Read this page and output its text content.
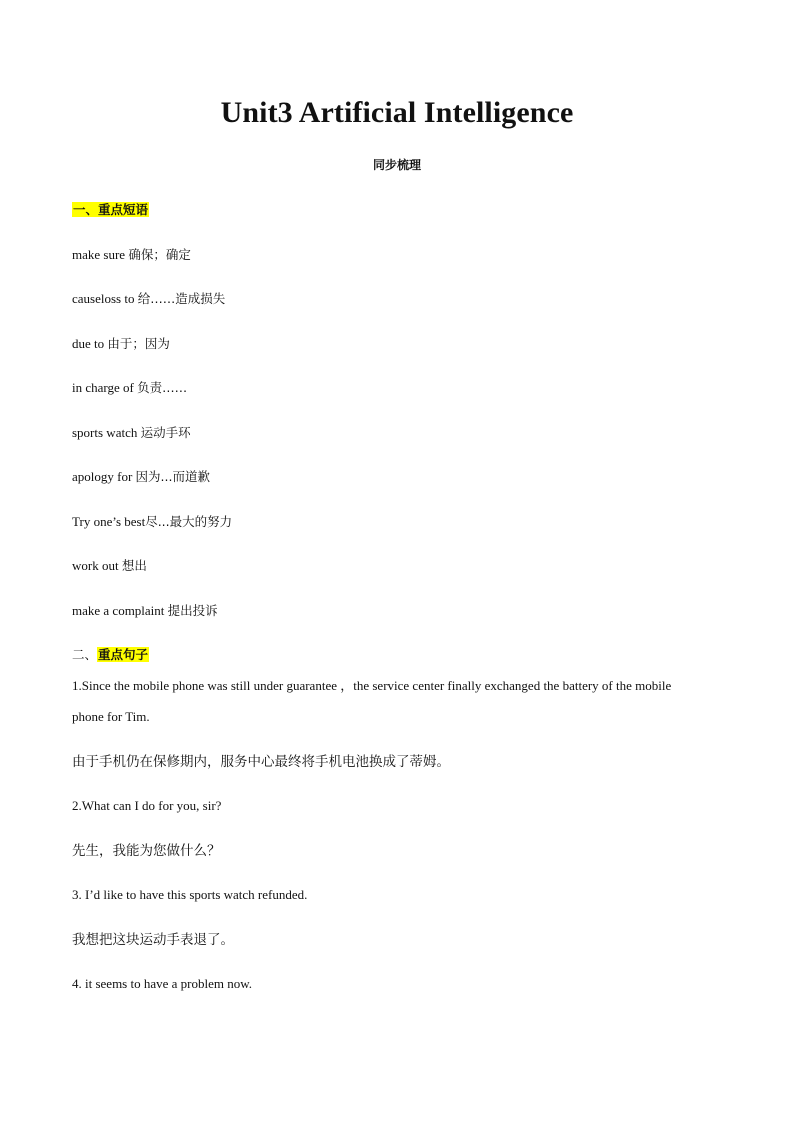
Unit3 Artificial Intelligence
同步梳理
一、重点短语
make sure 确保；确定
causeloss to 给……造成损失
due to 由于；因为
in charge of 负责……
sports watch 运动手环
apology for 因为...而道歉
Try one’s best尽...最大的努力
work out 想出
make a complaint 提出投诉
二、重点句子
1.Since the mobile phone was still under guarantee ，the service center finally exchanged the battery of the mobile
phone for Tim.
由于手机仍在保修期内，服务中心最终将手机电池换成了蒂姆。
2.What can I do for you, sir?
先生，我能为您做什么？
3. I’d like to have this sports watch refunded.
我想把这块运动手表退了。
4. it seems to have a problem now.
